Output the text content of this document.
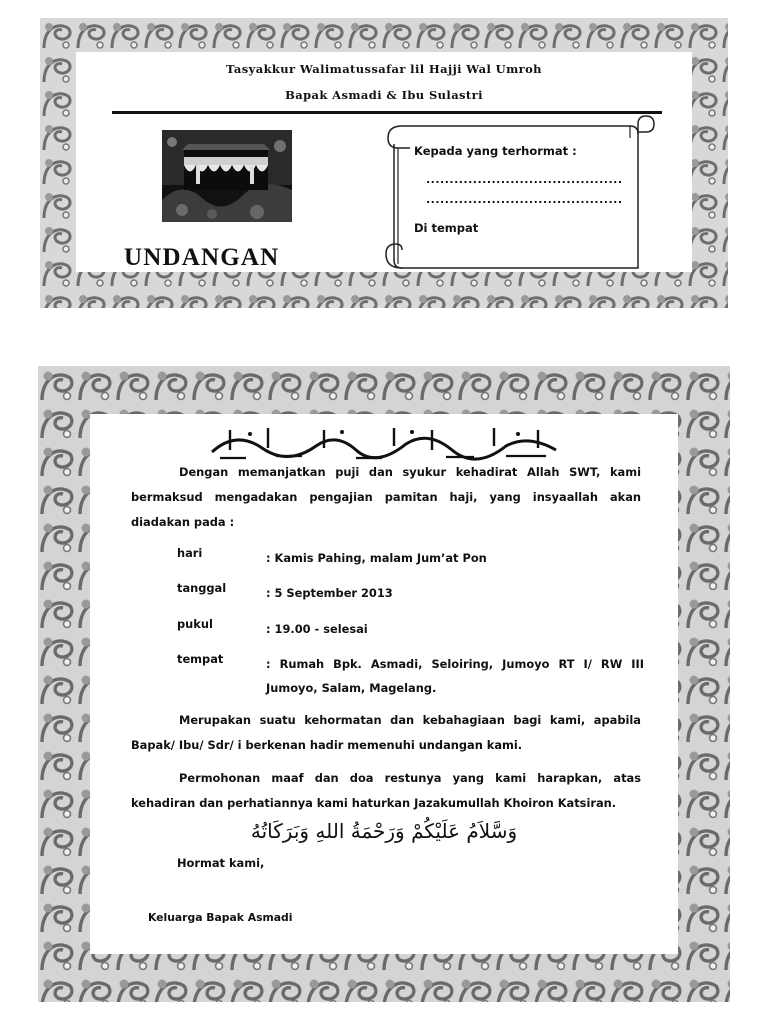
Tasyakkur Walimatussafar lil Hajji Wal Umroh
Bapak Asmadi & Ibu Sulastri
UNDANGAN
Kepada yang terhormat :
..........................................
..........................................
Di tempat
Dengan memanjatkan puji dan syukur kehadirat Allah SWT, kami bermaksud mengadakan pengajian pamitan haji, yang insyaallah akan diadakan pada :
hari	: Kamis Pahing, malam Jum’at Pon
tanggal	: 5 September 2013
pukul	: 19.00 - selesai
tempat	: Rumah Bpk. Asmadi, Seloiring, Jumoyo RT I/ RW III Jumoyo, Salam, Magelang.
Merupakan suatu kehormatan dan kebahagiaan bagi kami, apabila Bapak/ Ibu/ Sdr/ i berkenan hadir memenuhi undangan kami.
Permohonan maaf dan doa restunya yang kami harapkan, atas kehadiran dan perhatiannya kami haturkan Jazakumullah Khoiron Katsiran.
وَسَّلاَمُ عَلَيْكُمْ وَرَحْمَةُ اللهِ وَبَرَكَاتُهُ
Hormat kami,
Keluarga Bapak Asmadi
